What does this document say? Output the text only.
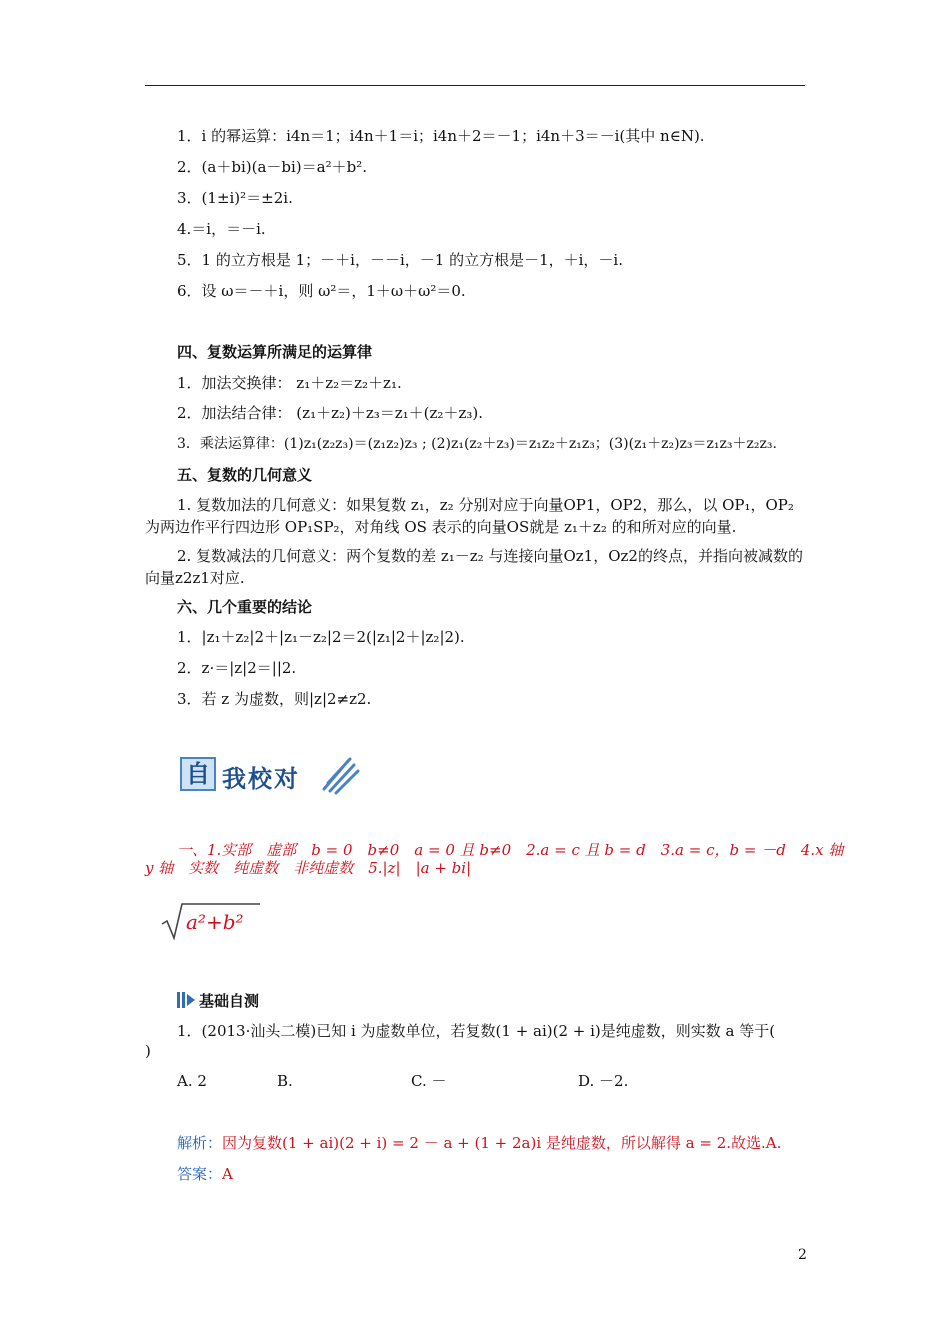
1．i 的幂运算：i4n＝1；i4n＋1＝i；i4n＋2＝－1；i4n＋3＝－i(其中 n∈N).
2．(a＋bi)(a－bi)＝a²＋b².
3．(1±i)²＝±2i.
4.＝i，＝－i.
5．1 的立方根是 1；－＋i，－－i，－1 的立方根是－1，＋i，－i.
6．设 ω＝－＋i，则 ω²＝，1＋ω＋ω²＝0.
四、复数运算所满足的运算律
1．加法交换律： z₁＋z₂＝z₂＋z₁.
2．加法结合律： (z₁＋z₂)＋z₃＝z₁＋(z₂＋z₃).
3．乘法运算律：(1)z₁(z₂z₃)＝(z₁z₂)z₃ ; (2)z₁(z₂＋z₃)＝z₁z₂＋z₁z₃；(3)(z₁＋z₂)z₃＝z₁z₃＋z₂z₃.
五、复数的几何意义
1. 复数加法的几何意义：如果复数 z₁，z₂ 分别对应于向量OP1，OP2，那么，以 OP₁，OP₂ 为两边作平行四边形 OP₁SP₂，对角线 OS 表示的向量OS就是 z₁＋z₂ 的和所对应的向量.
2. 复数减法的几何意义：两个复数的差 z₁－z₂ 与连接向量Oz1，Oz2的终点，并指向被减数的向量z2z1对应.
六、几个重要的结论
1．|z₁＋z₂|2＋|z₁－z₂|2＝2(|z₁|2＋|z₂|2).
2．z·＝|z|2＝||2.
3．若 z 为虚数，则|z|2≠z2.
自 我校对
一、1.实部　虚部　b = 0　b≠0　a = 0 且 b≠0　2.a = c 且 b = d　3.a = c，b = －d　4.x 轴
y 轴　实数　纯虚数　非纯虚数　5.|z|　|a + bi|
a²+b²
基础自测
1．(2013·汕头二模)已知 i 为虚数单位，若复数(1 + ai)(2 + i)是纯虚数，则实数 a 等于(
)
A. 2	B.	C. －	D. －2.
解析：因为复数(1 + ai)(2 + i) = 2 － a + (1 + 2a)i 是纯虚数，所以解得 a = 2.故选.A.
答案：A
2
